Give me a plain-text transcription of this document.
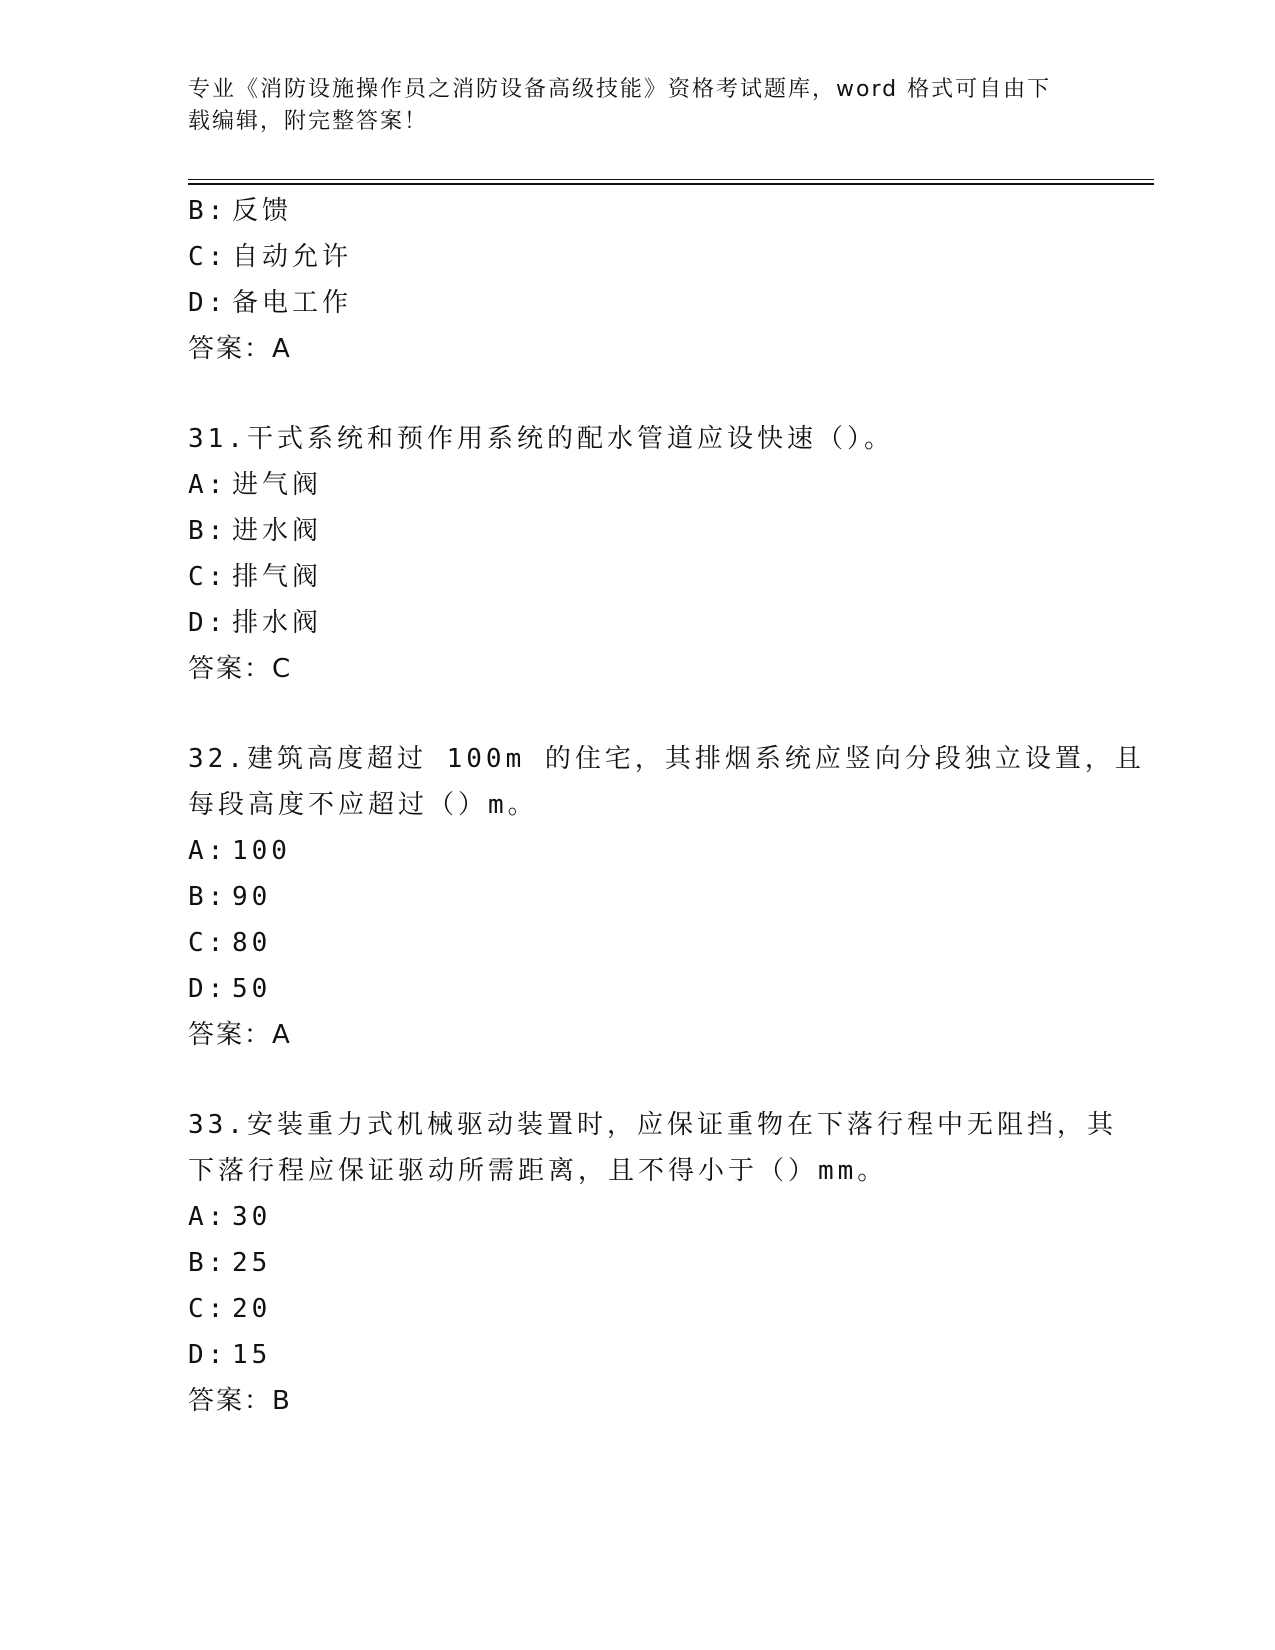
专业《消防设施操作员之消防设备高级技能》资格考试题库，word 格式可自由下
载编辑，附完整答案！
B: 反馈
C: 自动允许
D: 备电工作
答案：A
31.干式系统和预作用系统的配水管道应设快速（）。
A: 进气阀
B: 进水阀
C: 排气阀
D: 排水阀
答案：C
32.建筑高度超过 100m 的住宅，其排烟系统应竖向分段独立设置，且
每段高度不应超过（）m。
A: 100
B: 90
C: 80
D: 50
答案：A
33.安装重力式机械驱动装置时，应保证重物在下落行程中无阻挡，其
下落行程应保证驱动所需距离，且不得小于（）mm。
A: 30
B: 25
C: 20
D: 15
答案：B
